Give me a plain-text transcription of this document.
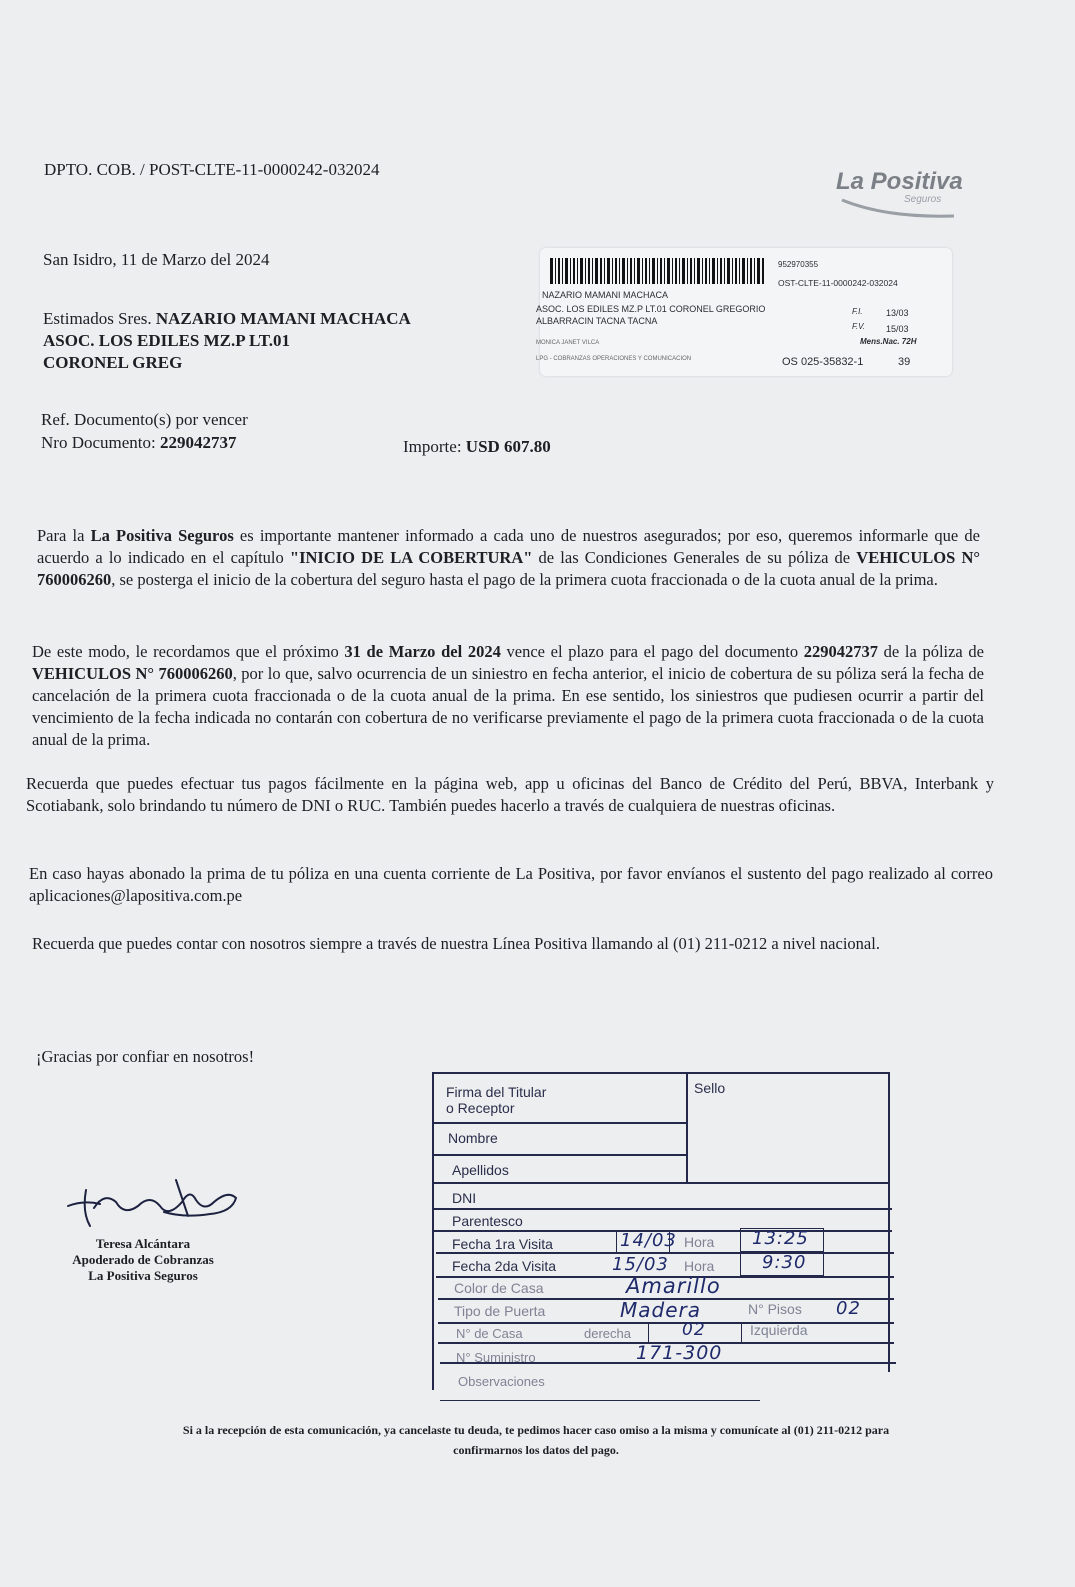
DPTO. COB. / POST-CLTE-11-0000242-032024
San Isidro, 11 de Marzo del 2024
La Positiva
Seguros
952970355
OST-CLTE-11-0000242-032024
NAZARIO MAMANI MACHACA
ASOC. LOS EDILES MZ.P LT.01 CORONEL GREGORIO
ALBARRACIN TACNA TACNA
F.I.	13/03
F.V. 15/03
Mens.Nac. 72H
MONICA JANET VILCA
LPG - COBRANZAS OPERACIONES Y COMUNICACION	OS 025-35832-1	39
Estimados Sres. NAZARIO MAMANI MACHACA
ASOC. LOS EDILES MZ.P LT.01
CORONEL GREG
Ref. Documento(s) por vencer
Nro Documento: 229042737	Importe: USD 607.80
Para la La Positiva Seguros es importante mantener informado a cada uno de nuestros asegurados; por eso, queremos informarle que de acuerdo a lo indicado en el capítulo "INICIO DE LA COBERTURA" de las Condiciones Generales de su póliza de VEHICULOS N° 760006260, se posterga el inicio de la cobertura del seguro hasta el pago de la primera cuota fraccionada o de la cuota anual de la prima.
De este modo, le recordamos que el próximo 31 de Marzo del 2024 vence el plazo para el pago del documento 229042737 de la póliza de VEHICULOS N° 760006260, por lo que, salvo ocurrencia de un siniestro en fecha anterior, el inicio de cobertura de su póliza será la fecha de cancelación de la primera cuota fraccionada o de la cuota anual de la prima. En ese sentido, los siniestros que pudiesen ocurrir a partir del vencimiento de la fecha indicada no contarán con cobertura de no verificarse previamente el pago de la primera cuota fraccionada o de la cuota anual de la prima.
Recuerda que puedes efectuar tus pagos fácilmente en la página web, app u oficinas del Banco de Crédito del Perú, BBVA, Interbank y Scotiabank, solo brindando tu número de DNI o RUC. También puedes hacerlo a través de cualquiera de nuestras oficinas.
En caso hayas abonado la prima de tu póliza en una cuenta corriente de La Positiva, por favor envíanos el sustento del pago realizado al correo aplicaciones@lapositiva.com.pe
Recuerda que puedes contar con nosotros siempre a través de nuestra Línea Positiva llamando al (01) 211-0212 a nivel nacional.
¡Gracias por confiar en nosotros!
Teresa Alcántara
Apoderado de Cobranzas
La Positiva Seguros
Firma del Titular
o Receptor
Sello
Nombre
Apellidos
DNI
Parentesco
Fecha 1ra Visita	14/03 Hora 13:25
Fecha 2da Visita	15/03 Hora	9:30
Color de Casa	Amarillo
Tipo de Puerta	Madera	N° Pisos 02
N° de Casa	derecha	02	Izquierda
N° Suministro	171-300
Observaciones
Si a la recepción de esta comunicación, ya cancelaste tu deuda, te pedimos hacer caso omiso a la misma y comunícate al (01) 211-0212 para
confirmarnos los datos del pago.
